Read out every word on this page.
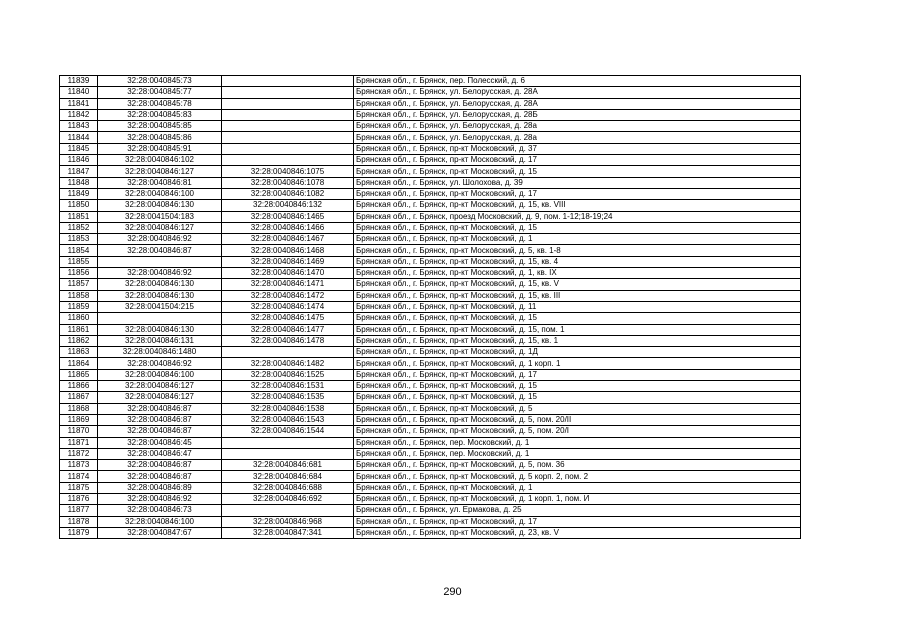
11839	32:28:0040845:73		Брянская обл., г. Брянск, пер. Полесский, д. 6
11840	32:28:0040845:77		Брянская обл., г. Брянск, ул. Белорусская, д. 28А
11841	32:28:0040845:78		Брянская обл., г. Брянск, ул. Белорусская, д. 28А
11842	32:28:0040845:83		Брянская обл., г. Брянск, ул. Белорусская, д. 28Б
11843	32:28:0040845:85		Брянская обл., г. Брянск, ул. Белорусская, д. 28а
11844	32:28:0040845:86		Брянская обл., г. Брянск, ул. Белорусская, д. 28а
11845	32:28:0040845:91		Брянская обл., г. Брянск, пр-кт Московский, д. 37
11846	32:28:0040846:102		Брянская обл., г. Брянск, пр-кт Московский, д. 17
11847	32:28:0040846:127	32:28:0040846:1075	Брянская обл., г. Брянск, пр-кт Московский, д. 15
11848	32:28:0040846:81	32:28:0040846:1078	Брянская обл., г. Брянск, ул. Шолохова, д. 39
11849	32:28:0040846:100	32:28:0040846:1082	Брянская обл., г. Брянск, пр-кт Московский, д. 17
11850	32:28:0040846:130	32:28:0040846:132	Брянская обл., г. Брянск, пр-кт Московский, д. 15, кв. VIII
11851	32:28:0041504:183	32:28:0040846:1465	Брянская обл., г. Брянск, проезд Московский, д. 9, пом. 1-12;18-19;24
11852	32:28:0040846:127	32:28:0040846:1466	Брянская обл., г. Брянск, пр-кт Московский, д. 15
11853	32:28:0040846:92	32:28:0040846:1467	Брянская обл., г. Брянск, пр-кт Московский, д. 1
11854	32:28:0040846:87	32:28:0040846:1468	Брянская обл., г. Брянск, пр-кт Московский, д. 5, кв. 1-8
11855		32:28:0040846:1469	Брянская обл., г. Брянск, пр-кт Московский, д. 15, кв. 4
11856	32:28:0040846:92	32:28:0040846:1470	Брянская обл., г. Брянск, пр-кт Московский, д. 1, кв. IX
11857	32:28:0040846:130	32:28:0040846:1471	Брянская обл., г. Брянск, пр-кт Московский, д. 15, кв. V
11858	32:28:0040846:130	32:28:0040846:1472	Брянская обл., г. Брянск, пр-кт Московский, д. 15, кв. III
11859	32:28:0041504:215	32:28:0040846:1474	Брянская обл., г. Брянск, пр-кт Московский, д. 11
11860		32:28:0040846:1475	Брянская обл., г. Брянск, пр-кт Московский, д. 15
11861	32:28:0040846:130	32:28:0040846:1477	Брянская обл., г. Брянск, пр-кт Московский, д. 15, пом. 1
11862	32:28:0040846:131	32:28:0040846:1478	Брянская обл., г. Брянск, пр-кт Московский, д. 15, кв. 1
11863	32:28:0040846:1480		Брянская обл., г. Брянск, пр-кт Московский, д. 1Д
11864	32:28:0040846:92	32:28:0040846:1482	Брянская обл., г. Брянск, пр-кт Московский, д. 1 корп. 1
11865	32:28:0040846:100	32:28:0040846:1525	Брянская обл., г. Брянск, пр-кт Московский, д. 17
11866	32:28:0040846:127	32:28:0040846:1531	Брянская обл., г. Брянск, пр-кт Московский, д. 15
11867	32:28:0040846:127	32:28:0040846:1535	Брянская обл., г. Брянск, пр-кт Московский, д. 15
11868	32:28:0040846:87	32:28:0040846:1538	Брянская обл., г. Брянск, пр-кт Московский, д. 5
11869	32:28:0040846:87	32:28:0040846:1543	Брянская обл., г. Брянск, пр-кт Московский, д. 5, пом. 20/II
11870	32:28:0040846:87	32:28:0040846:1544	Брянская обл., г. Брянск, пр-кт Московский, д. 5, пом. 20/I
11871	32:28:0040846:45		Брянская обл., г. Брянск, пер. Московский, д. 1
11872	32:28:0040846:47		Брянская обл., г. Брянск, пер. Московский, д. 1
11873	32:28:0040846:87	32:28:0040846:681	Брянская обл., г. Брянск, пр-кт Московский, д. 5, пом. 36
11874	32:28:0040846:87	32:28:0040846:684	Брянская обл., г. Брянск, пр-кт Московский, д. 5 корп. 2, пом. 2
11875	32:28:0040846:89	32:28:0040846:688	Брянская обл., г. Брянск, пр-кт Московский, д. 1
11876	32:28:0040846:92	32:28:0040846:692	Брянская обл., г. Брянск, пр-кт Московский, д. 1 корп. 1, пом. И
11877	32:28:0040846:73		Брянская обл., г. Брянск, ул. Ермакова, д. 25
11878	32:28:0040846:100	32:28:0040846:968	Брянская обл., г. Брянск, пр-кт Московский, д. 17
11879	32:28:0040847:67	32:28:0040847:341	Брянская обл., г. Брянск, пр-кт Московский, д. 23, кв. V
290
